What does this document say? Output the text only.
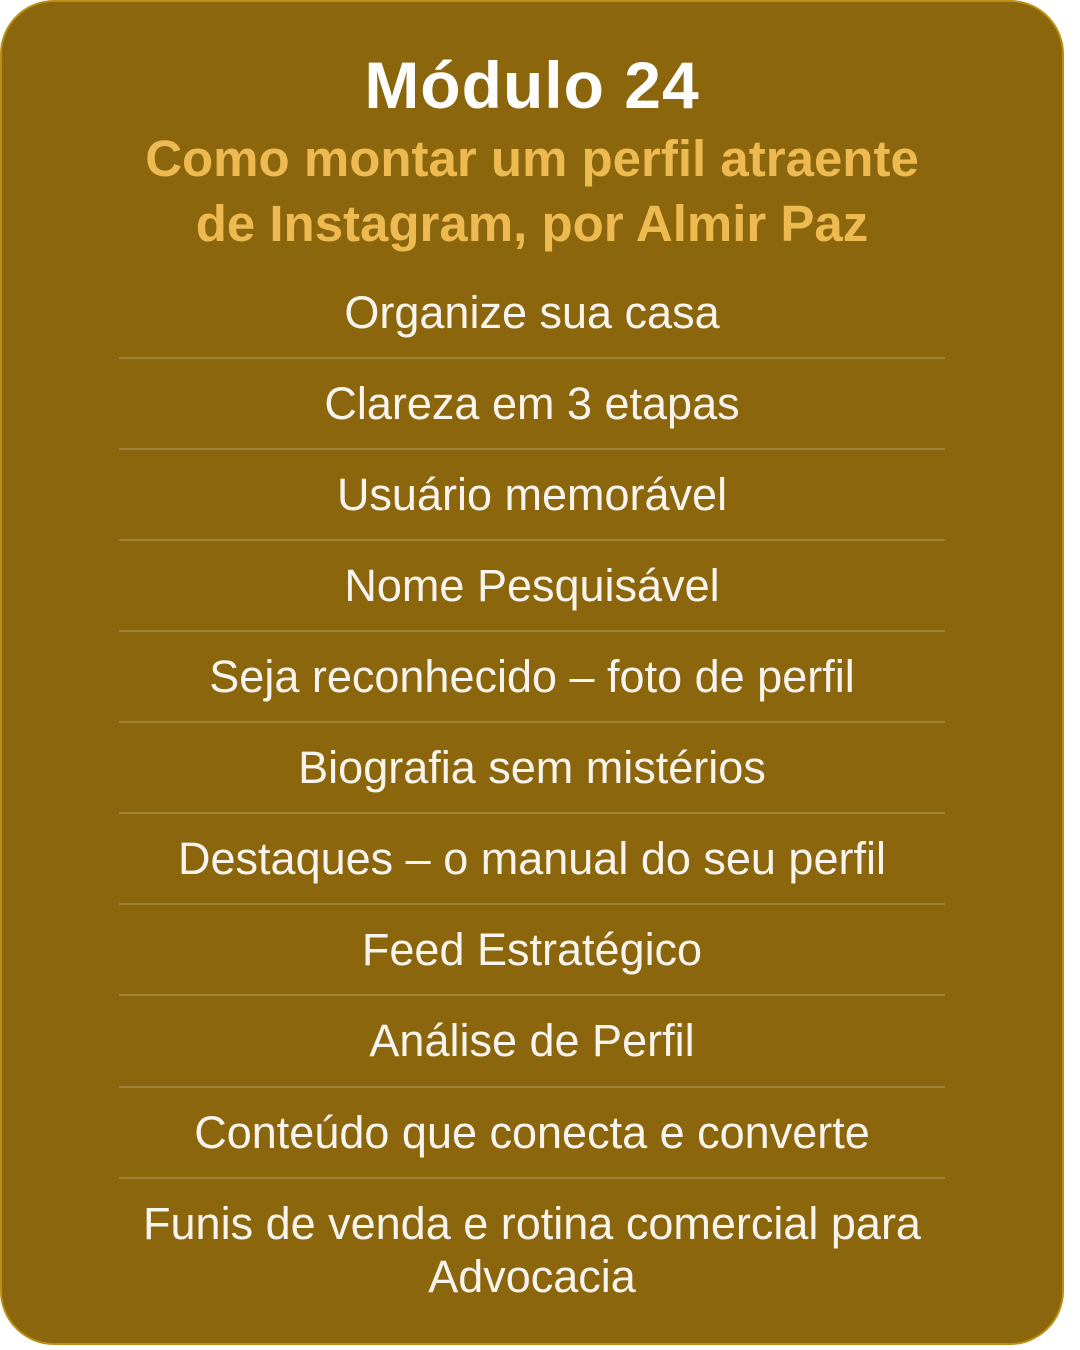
Módulo 24
Como montar um perfil atraente
de Instagram, por Almir Paz
Organize sua casa
Clareza em 3 etapas
Usuário memorável
Nome Pesquisável
Seja reconhecido – foto de perfil
Biografia sem mistérios
Destaques – o manual do seu perfil
Feed Estratégico
Análise de Perfil
Conteúdo que conecta e converte
Funis de venda e rotina comercial para Advocacia
